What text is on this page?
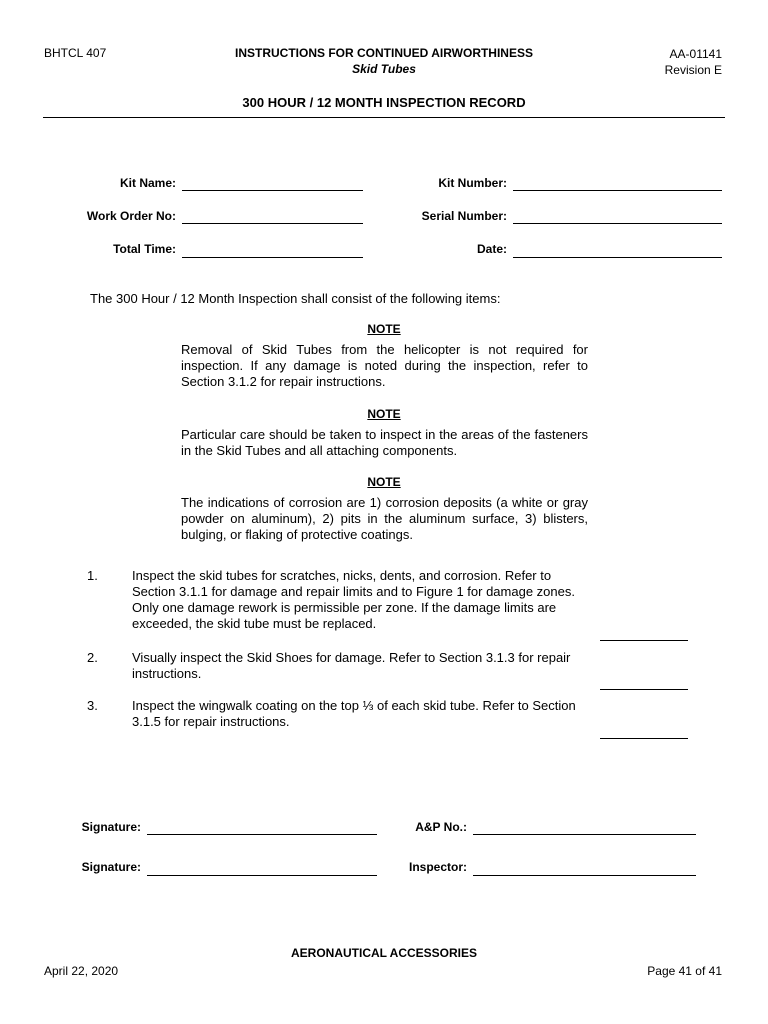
BHTCL 407	INSTRUCTIONS FOR CONTINUED AIRWORTHINESS
Skid Tubes
AA-01141
Revision E
300 HOUR / 12 MONTH INSPECTION RECORD
Kit Name:	Kit Number:
Work Order No:	Serial Number:
Total Time:	Date:
The 300 Hour / 12 Month Inspection shall consist of the following items:
NOTE
Removal of Skid Tubes from the helicopter is not required for inspection. If any damage is noted during the inspection, refer to Section 3.1.2 for repair instructions.
NOTE
Particular care should be taken to inspect in the areas of the fasteners in the Skid Tubes and all attaching components.
NOTE
The indications of corrosion are 1) corrosion deposits (a white or gray powder on aluminum), 2) pits in the aluminum surface, 3) blisters, bulging, or flaking of protective coatings.
1.	Inspect the skid tubes for scratches, nicks, dents, and corrosion. Refer to Section 3.1.1 for damage and repair limits and to Figure 1 for damage zones. Only one damage rework is permissible per zone. If the damage limits are exceeded, the skid tube must be replaced.
2.	Visually inspect the Skid Shoes for damage. Refer to Section 3.1.3 for repair instructions.
3.	Inspect the wingwalk coating on the top ⅓ of each skid tube. Refer to Section 3.1.5 for repair instructions.
Signature:	A&P No.:
Signature:	Inspector:
AERONAUTICAL ACCESSORIES
April 22, 2020	Page 41 of 41
